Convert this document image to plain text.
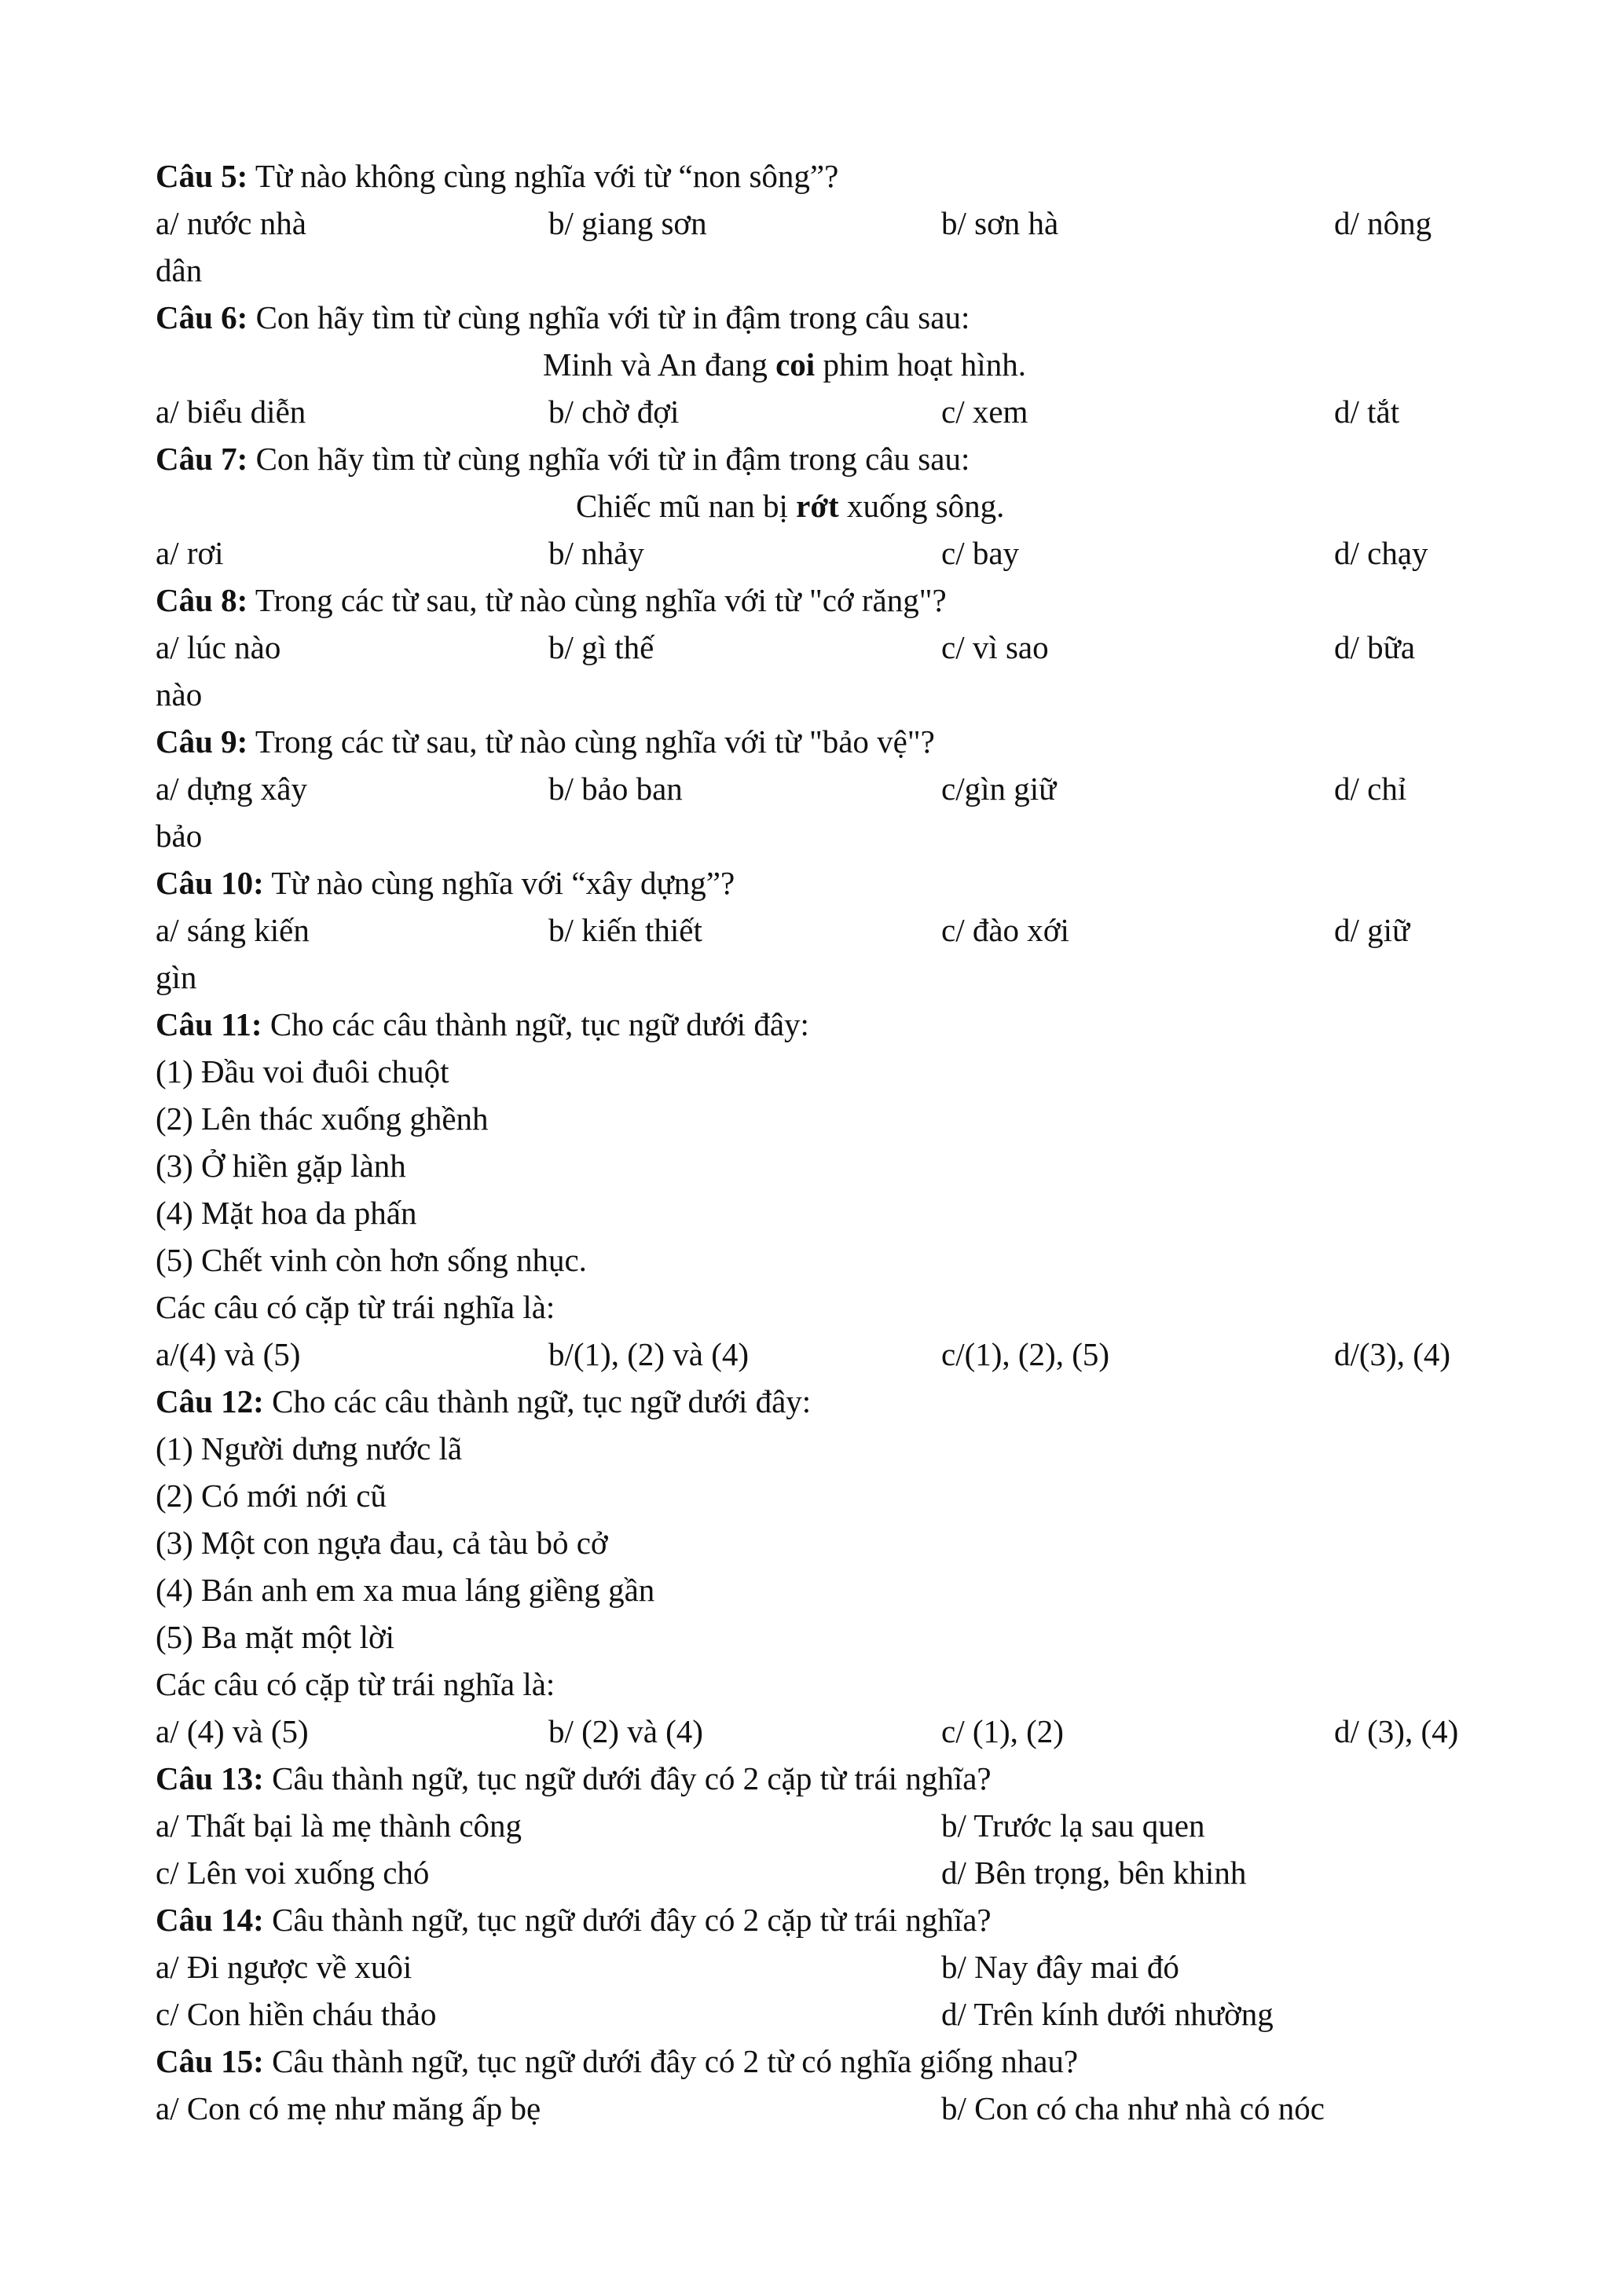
Câu 5: Từ nào không cùng nghĩa với từ “non sông”?
a/ nước nhà	b/ giang sơn	b/ sơn hà	d/ nông
dân
Câu 6: Con hãy tìm từ cùng nghĩa với từ in đậm trong câu sau:
Minh và An đang coi phim hoạt hình.
a/ biểu diễn	b/ chờ đợi	c/ xem	d/ tắt
Câu 7: Con hãy tìm từ cùng nghĩa với từ in đậm trong câu sau:
Chiếc mũ nan bị rớt xuống sông.
a/ rơi	b/ nhảy	c/ bay	d/ chạy
Câu 8: Trong các từ sau, từ nào cùng nghĩa với từ "cớ răng"?
a/ lúc nào	b/ gì thế	c/ vì sao	d/ bữa
nào
Câu 9: Trong các từ sau, từ nào cùng nghĩa với từ "bảo vệ"?
a/ dựng xây	b/ bảo ban	c/gìn giữ	d/ chỉ
bảo
Câu 10: Từ nào cùng nghĩa với “xây dựng”?
a/ sáng kiến	b/ kiến thiết	c/ đào xới	d/ giữ
gìn
Câu 11: Cho các câu thành ngữ, tục ngữ dưới đây:
(1) Đầu voi đuôi chuột
(2) Lên thác xuống ghềnh
(3) Ở hiền gặp lành
(4) Mặt hoa da phấn
(5) Chết vinh còn hơn sống nhục.
Các câu có cặp từ trái nghĩa là:
a/(4) và (5)	b/(1), (2) và (4)	c/(1), (2), (5)	d/(3), (4)
Câu 12: Cho các câu thành ngữ, tục ngữ dưới đây:
(1) Người dưng nước lã
(2) Có mới nới cũ
(3) Một con ngựa đau, cả tàu bỏ cở
(4) Bán anh em xa mua láng giềng gần
(5) Ba mặt một lời
Các câu có cặp từ trái nghĩa là:
a/ (4) và (5)	b/ (2) và (4)	c/ (1), (2)	d/ (3), (4)
Câu 13: Câu thành ngữ, tục ngữ dưới đây có 2 cặp từ trái nghĩa?
a/ Thất bại là mẹ thành công	b/ Trước lạ sau quen
c/ Lên voi xuống chó	d/ Bên trọng, bên khinh
Câu 14: Câu thành ngữ, tục ngữ dưới đây có 2 cặp từ trái nghĩa?
a/ Đi ngược về xuôi	b/ Nay đây mai đó
c/ Con hiền cháu thảo	d/ Trên kính dưới nhường
Câu 15: Câu thành ngữ, tục ngữ dưới đây có 2 từ có nghĩa giống nhau?
a/ Con có mẹ như măng ấp bẹ	b/ Con có cha như nhà có nóc
